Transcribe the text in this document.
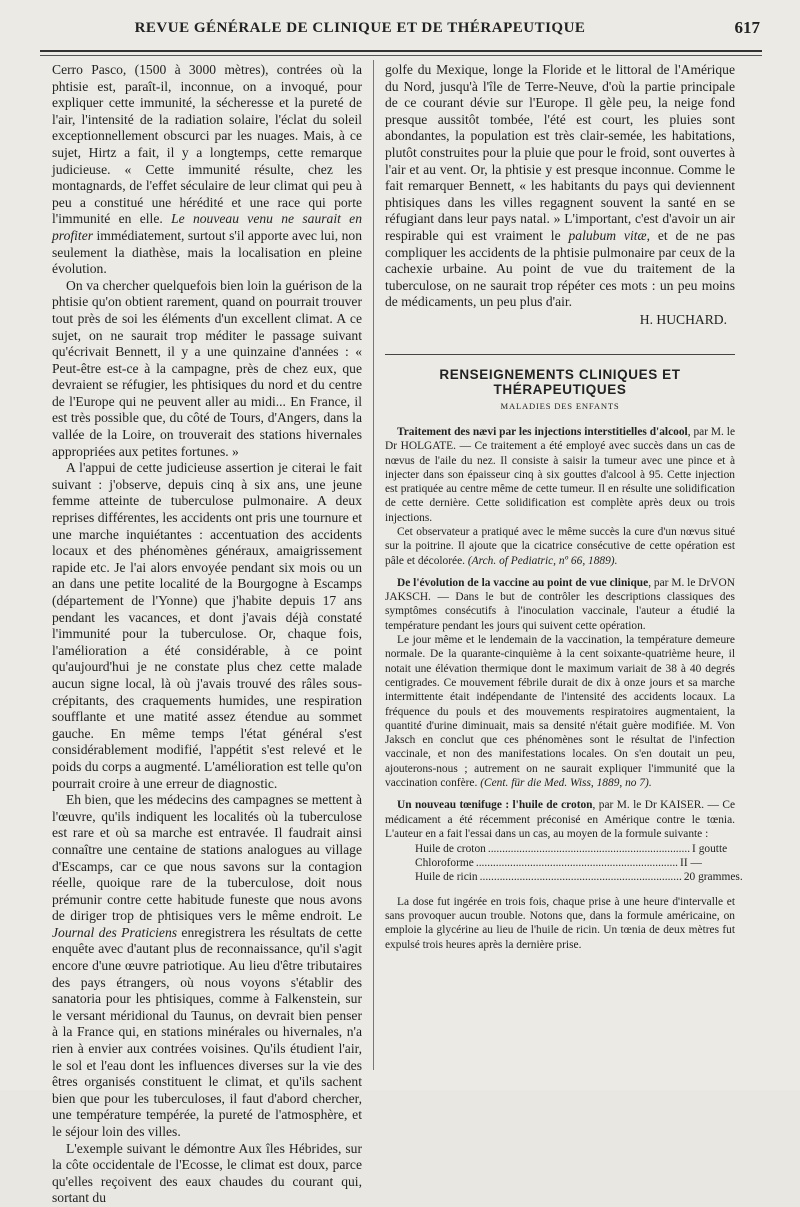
REVUE GÉNÉRALE DE CLINIQUE ET DE THÉRAPEUTIQUE	617

Cerro Pasco, (1500 à 3000 mètres), contrées où la phtisie est, paraît-il, inconnue, on a invoqué, pour expliquer cette immunité, la sécheresse et la pureté de l'air, l'intensité de la radiation solaire, l'éclat du soleil exceptionnellement obscurci par les nuages. Mais, à ce sujet, Hirtz a fait, il y a longtemps, cette remarque judicieuse. « Cette immunité résulte, chez les montagnards, de l'effet séculaire de leur climat qui peu à peu a constitué une hérédité et une race qui porte l'immunité en elle. Le nouveau venu ne saurait en profiter immédiatement, surtout s'il apporte avec lui, non seulement la diathèse, mais la localisation en pleine évolution.

On va chercher quelquefois bien loin la guérison de la phtisie qu'on obtient rarement, quand on pourrait trouver tout près de soi les éléments d'un excellent climat. A ce sujet, on ne saurait trop méditer le passage suivant qu'écrivait Bennett, il y a une quinzaine d'années : « Peut-être est-ce à la campagne, près de chez eux, que devraient se réfugier, les phtisiques du nord et du centre de l'Europe qui ne peuvent aller au midi... En France, il est très possible que, du côté de Tours, d'Angers, dans la vallée de la Loire, on trouverait des stations hivernales appropriées aux petites fortunes. »

A l'appui de cette judicieuse assertion je citerai le fait suivant : j'observe, depuis cinq à six ans, une jeune femme atteinte de tuberculose pulmonaire. A deux reprises différentes, les accidents ont pris une tournure et une marche inquiétantes : accentuation des accidents locaux et des phénomènes généraux, amaigrissement rapide etc. Je l'ai alors envoyée pendant six mois ou un an dans une petite localité de la Bourgogne à Escamps (département de l'Yonne) que j'habite depuis 17 ans pendant les vacances, et dont j'avais déjà constaté l'immunité pour la tuberculose. Or, chaque fois, l'amélioration a été considérable, à ce point qu'aujourd'hui je ne constate plus chez cette malade aucun signe local, là où j'avais trouvé des râles sous-crépitants, des craquements humides, une respiration soufflante et une matité assez étendue au sommet gauche. En même temps l'état général s'est considérablement modifié, l'appétit s'est relevé et le poids du corps a augmenté. L'amélioration est telle qu'on pourrait croire à une erreur de diagnostic.

Eh bien, que les médecins des campagnes se mettent à l'œuvre, qu'ils indiquent les localités où la tuberculose est rare et où sa marche est entravée. Il faudrait ainsi connaître une centaine de stations analogues au village d'Escamps, car ce que nous savons sur la contagion réelle, quoique rare de la tuberculose, doit nous prémunir contre cette habitude funeste que nous avons de diriger trop de phtisiques vers le même endroit. Le Journal des Praticiens enregistrera les résultats de cette enquête avec d'autant plus de reconnaissance, qu'il s'agit encore d'une œuvre patriotique. Au lieu d'être tributaires des pays étrangers, où nous voyons s'établir des sanatoria pour les phtisiques, comme à Falkenstein, sur le versant méridional du Taunus, on devrait bien penser à la France qui, en stations minérales ou hivernales, n'a rien à envier aux contrées voisines. Qu'ils étudient l'air, le sol et l'eau dont les influences diverses sur la vie des êtres organisés constituent le climat, et qu'ils sachent bien que pour les tuberculoses, il faut d'abord chercher, une température tempérée, la pureté de l'atmosphère, et le séjour loin des villes.

L'exemple suivant le démontre Aux îles Hébrides, sur la côte occidentale de l'Ecosse, le climat est doux, parce qu'elles reçoivent des eaux chaudes du courant qui, sortant du

golfe du Mexique, longe la Floride et le littoral de l'Amérique du Nord, jusqu'à l'île de Terre-Neuve, d'où la partie principale de ce courant dévie sur l'Europe. Il gèle peu, la neige fond presque aussitôt tombée, l'été est court, les pluies sont abondantes, la population est très clair-semée, les habitations, plutôt construites pour la pluie que pour le froid, sont ouvertes à l'air et au vent. Or, la phtisie y est presque inconnue. Comme le fait remarquer Bennett, « les habitants du pays qui deviennent phtisiques dans les villes regagnent souvent la santé en se réfugiant dans leur pays natal. » L'important, c'est d'avoir un air respirable qui est vraiment le palubum vitæ, et de ne pas compliquer les accidents de la phtisie pulmonaire par ceux de la cachexie urbaine. Au point de vue du traitement de la tuberculose, on ne saurait trop répéter ces mots : un peu moins de médicaments, un peu plus d'air.

H. HUCHARD.

RENSEIGNEMENTS CLINIQUES ET THÉRAPEUTIQUES
MALADIES DES ENFANTS

Traitement des nævi par les injections interstitielles d'alcool, par M. le Dr HOLGATE. — Ce traitement a été employé avec succès dans un cas de nœvus de l'aile du nez. Il consiste à saisir la tumeur avec une pince et à injecter dans son épaisseur cinq à six gouttes d'alcool à 95. Cette injection est pratiquée au centre même de cette tumeur. Il en résulte une solidification de cette dernière. Cette solidification est complète après deux ou trois injections.

Cet observateur a pratiqué avec le même succès la cure d'un nœvus situé sur la poitrine. Il ajoute que la cicatrice consécutive de cette opération est pâle et décolorée. (Arch. of Pediatric, nº 66, 1889).

De l'évolution de la vaccine au point de vue clinique, par M. le DrVON JAKSCH. — Dans le but de contrôler les descriptions classiques des symptômes consécutifs à l'inoculation vaccinale, l'auteur a étudié la température pendant les jours qui suivent cette opération.

Le jour même et le lendemain de la vaccination, la température demeure normale. De la quarante-cinquième à la cent soixante-quatrième heure, il notait une élévation thermique dont le maximum variait de 38 à 40 degrés centigrades. Ce mouvement fébrile durait de dix à onze jours et sa marche intermittente était indépendante de l'intensité des accidents locaux. La fréquence du pouls et des mouvements respiratoires augmentaient, la quantité d'urine diminuait, mais sa densité n'était guère modifiée. M. Von Jaksch en conclut que ces phénomènes sont le résultat de l'infection vaccinale, et non des manifestations locales. On s'en doutait un peu, ajouterons-nous ; autrement on ne saurait expliquer l'immunité que la vaccination confère. (Cent. für die Med. Wiss, 1889, no 7).

Un nouveau tœnifuge : l'huile de croton, par M. le Dr KAISER. — Ce médicament a été récemment préconisé en Amérique contre le tœnia. L'auteur en a fait l'essai dans un cas, au moyen de la formule suivante :

Huile de croton ....................................................................... I goutte
Chloroforme ....................................................................... II —
Huile de ricin ....................................................................... 20 grammes.

La dose fut ingérée en trois fois, chaque prise à une heure d'intervalle et sans provoquer aucun trouble. Notons que, dans la formule américaine, on emploie la glycérine au lieu de l'huile de ricin. Un tœnia de deux mètres fut expulsé trois heures après la dernière prise.
